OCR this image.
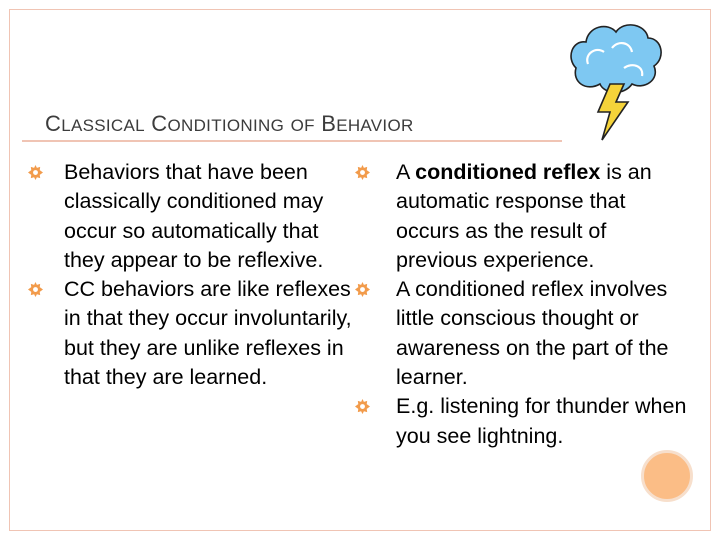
CLASSICAL CONDITIONING OF BEHAVIOR
Behaviors that have been classically conditioned may occur so automatically that they appear to be reflexive.
CC behaviors are like reflexes in that they occur involuntarily, but they are unlike reflexes in that they are learned.
A conditioned reflex is an automatic response that occurs as the result of previous experience.
A conditioned reflex involves little conscious thought or awareness on the part of the learner.
E.g. listening for thunder when you see lightning.
